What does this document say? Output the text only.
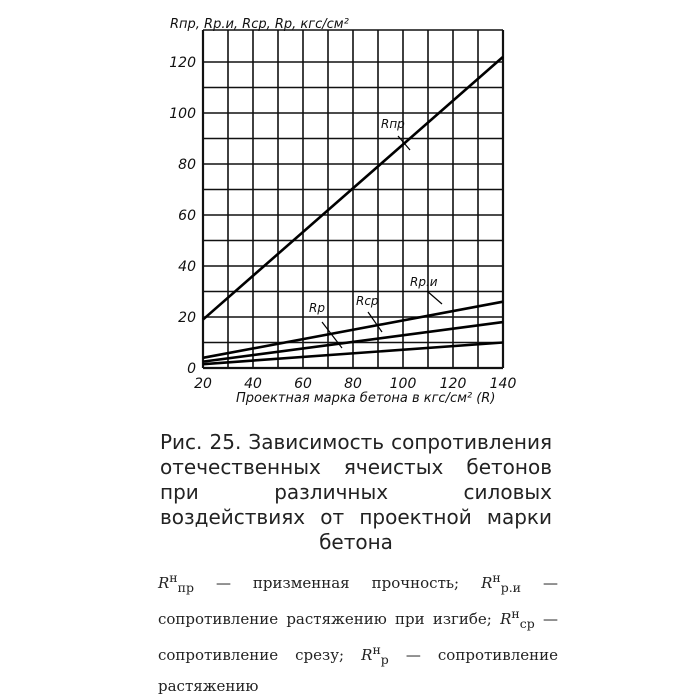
20 40 60 80 100 120 140
0
20
40
60
80
100
120
Rпр
Rр.и
Rср
Rр
Rпр, Rр.и, Rср, Rр, кгс/см²
Проектная марка бетона в кгс/см² (R)
Рис. 25. Зависимость сопротивления отечественных ячеистых бетонов при различных силовых воздействиях от проектной марки бетона
$R^н_{пр}$ — призменная прочность; $R^н_{р.и}$ — сопротивление растяжению при изгибе; $R^н_{ср}$ — сопротивление срезу; $R^н_р$ — сопротивление растяжению
